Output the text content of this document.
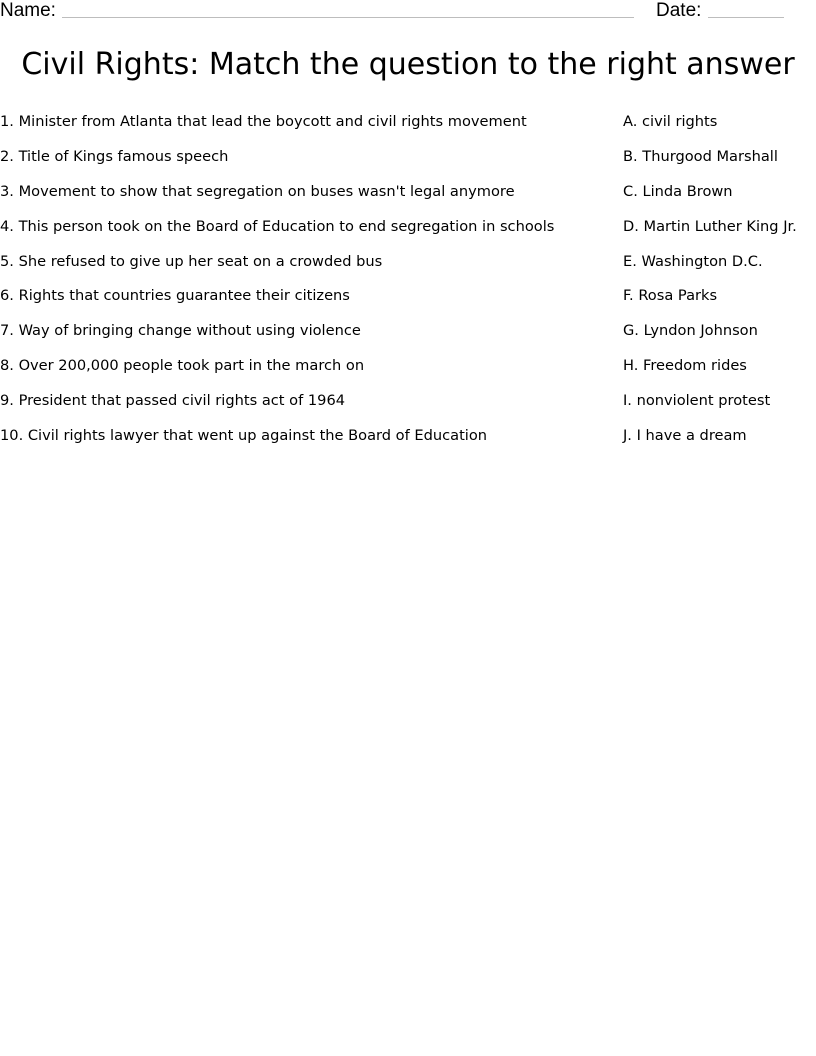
Name:	Date:
Civil Rights: Match the question to the right answer
1. Minister from Atlanta that lead the boycott and civil rights movement
2. Title of Kings famous speech
3. Movement to show that segregation on buses wasn't legal anymore
4. This person took on the Board of Education to end segregation in schools
5. She refused to give up her seat on a crowded bus
6. Rights that countries guarantee their citizens
7. Way of bringing change without using violence
8. Over 200,000 people took part in the march on
9. President that passed civil rights act of 1964
10. Civil rights lawyer that went up against the Board of Education
A. civil rights
B. Thurgood Marshall
C. Linda Brown
D. Martin Luther King Jr.
E. Washington D.C.
F. Rosa Parks
G. Lyndon Johnson
H. Freedom rides
I. nonviolent protest
J. I have a dream
